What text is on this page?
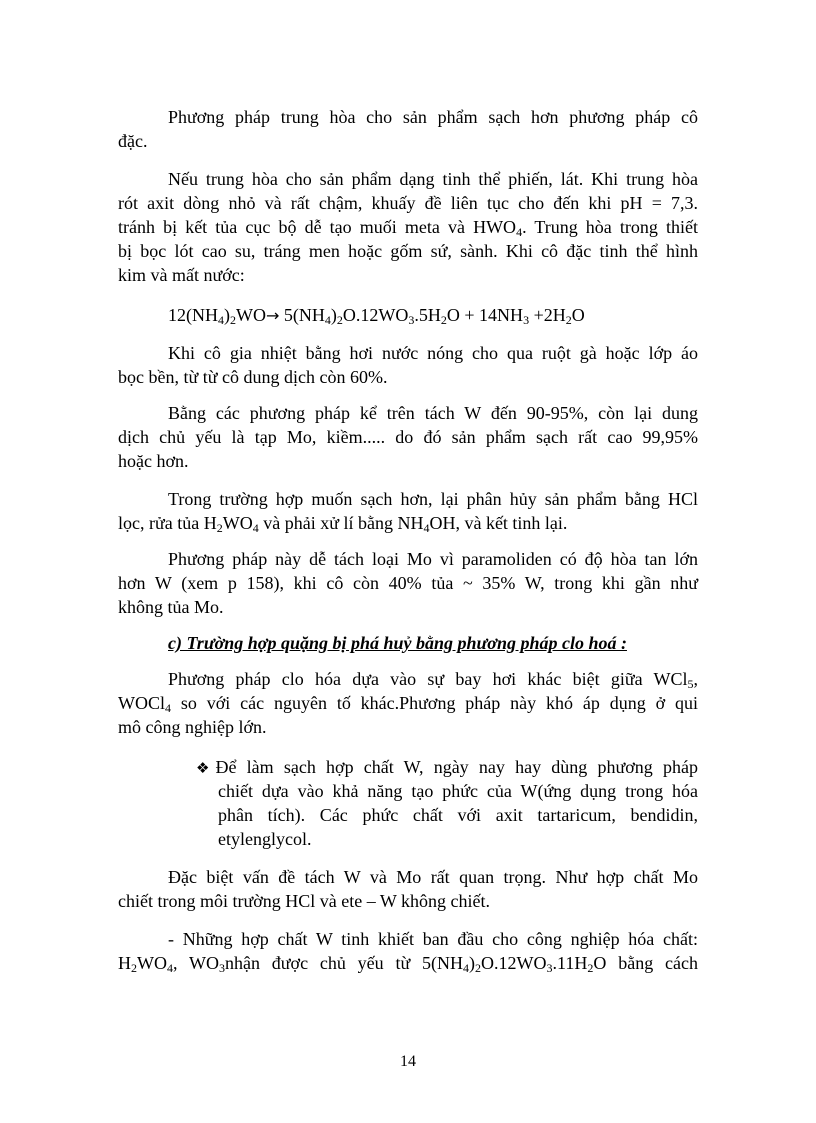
Phương pháp trung hòa cho sản phẩm sạch hơn phương pháp cô
đặc.
Nếu trung hòa cho sản phẩm dạng tinh thể phiến, lát. Khi trung hòa
rót axit dòng nhỏ và rất chậm, khuấy đề liên tục cho đến khi pH = 7,3.
tránh bị kết tủa cục bộ dễ tạo muối meta và $HWO_4$. Trung hòa trong thiết
bị bọc lót cao su, tráng men hoặc gốm sứ, sành. Khi cô đặc tinh thể hình
kim và mất nước:
$12(NH_4)_2WO\to 5(NH_4)_2O.12WO_3.5H_2O + 14NH_3 +2H_2O$
Khi cô gia nhiệt bằng hơi nước nóng cho qua ruột gà hoặc lớp áo
bọc bền, từ từ cô dung dịch còn 60%.
Bằng các phương pháp kể trên tách W đến 90-95%, còn lại dung
dịch chủ yếu là tạp Mo, kiềm..... do đó sản phẩm sạch rất cao 99,95%
hoặc hơn.
Trong trường hợp muốn sạch hơn, lại phân hủy sản phẩm bằng HCl
lọc, rửa tủa $H_2WO_4$ và phải xử lí bằng $NH_4OH$, và kết tinh lại.
Phương pháp này dễ tách loại Mo vì paramoliden có độ hòa tan lớn
hơn W (xem p 158), khi cô còn 40% tủa ~ 35% W, trong khi gần như
không tủa Mo.
c) Trường hợp quặng bị phá huỷ bằng phương pháp clo hoá :
Phương pháp clo hóa dựa vào sự bay hơi khác biệt giữa WCl$_5$,
WOCl$_4$ so với các nguyên tố khác.Phương pháp này khó áp dụng ở qui
mô công nghiệp lớn.
❖ Để làm sạch hợp chất W, ngày nay hay dùng phương pháp
chiết dựa vào khả năng tạo phức của W(ứng dụng trong hóa
phân tích). Các phức chất với axit tartaricum, bendidin,
etylenglycol.
Đặc biệt vấn đề tách W và Mo rất quan trọng. Như hợp chất Mo
chiết trong môi trường HCl và ete – W không chiết.
- Những hợp chất W tinh khiết ban đầu cho công nghiệp hóa chất:
$H_2WO_4$, $WO_3nhận$ được chủ yếu từ $5(NH_4)_2O.12WO_3.11H_2O$ bằng cách
14
